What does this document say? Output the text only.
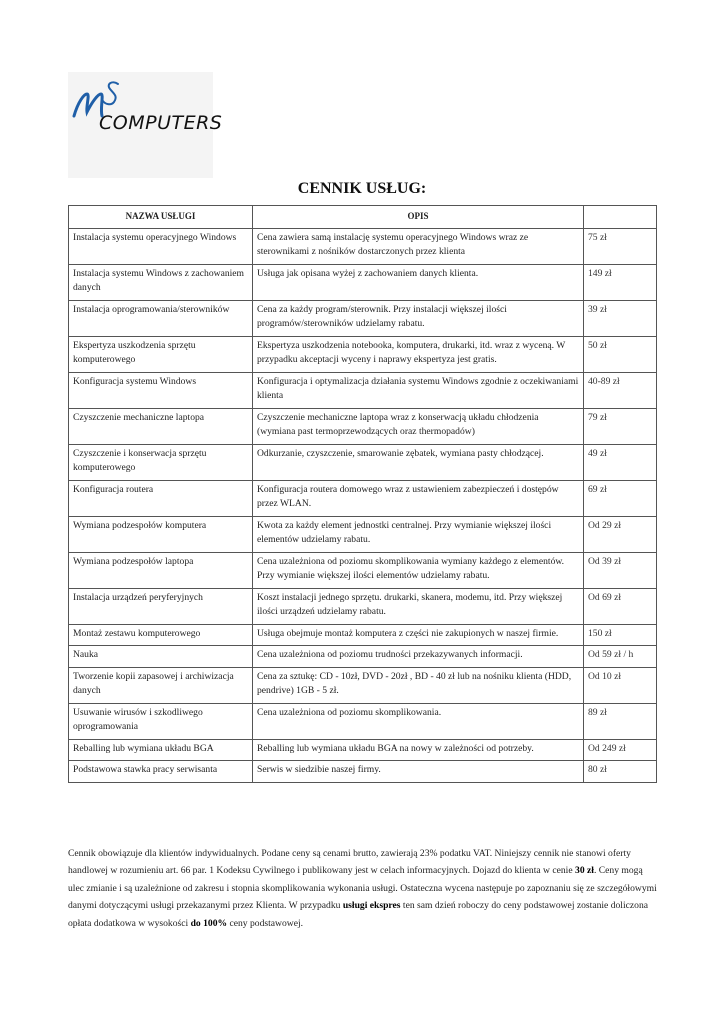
COMPUTERS
CENNIK USŁUG:
NAZWA USŁUGI	OPIS	
Instalacja systemu operacyjnego Windows	Cena zawiera samą instalację systemu operacyjnego Windows wraz ze sterownikami z nośników dostarczonych przez klienta	75 zł
Instalacja systemu Windows z zachowaniem danych	Usługa jak opisana wyżej z zachowaniem danych klienta.	149 zł
Instalacja oprogramowania/sterowników	Cena za każdy program/sterownik. Przy instalacji większej ilości programów/sterowników udzielamy rabatu.	39 zł
Ekspertyza uszkodzenia sprzętu komputerowego	Ekspertyza uszkodzenia notebooka, komputera, drukarki, itd. wraz z wyceną. W przypadku akceptacji wyceny i naprawy ekspertyza jest gratis.	50 zł
Konfiguracja systemu Windows	Konfiguracja i optymalizacja działania systemu Windows zgodnie z oczekiwaniami klienta	40-89 zł
Czyszczenie mechaniczne laptopa	Czyszczenie mechaniczne laptopa wraz z konserwacją układu chłodzenia (wymiana past termoprzewodzących oraz thermopadów)	79 zł
Czyszczenie i konserwacja sprzętu komputerowego	Odkurzanie, czyszczenie, smarowanie zębatek, wymiana pasty chłodzącej.	49 zł
Konfiguracja routera	Konfiguracja routera domowego wraz z ustawieniem zabezpieczeń i dostępów przez WLAN.	69 zł
Wymiana podzespołów komputera	Kwota za każdy element jednostki centralnej. Przy wymianie większej ilości elementów udzielamy rabatu.	Od 29 zł
Wymiana podzespołów laptopa	Cena uzależniona od poziomu skomplikowania wymiany każdego z elementów. Przy wymianie większej ilości elementów udzielamy rabatu.	Od 39 zł
Instalacja urządzeń peryferyjnych	Koszt instalacji jednego sprzętu. drukarki, skanera, modemu, itd. Przy większej ilości urządzeń udzielamy rabatu.	Od 69 zł
Montaż zestawu komputerowego	Usługa obejmuje montaż komputera z części nie zakupionych w naszej firmie.	150 zł
Nauka	Cena uzależniona od poziomu trudności przekazywanych informacji.	Od 59 zł / h
Tworzenie kopii zapasowej i archiwizacja danych	Cena za sztukę: CD - 10zł, DVD - 20zł , BD - 40 zł lub na nośniku klienta (HDD, pendrive) 1GB - 5 zł.	Od 10 zł
Usuwanie wirusów i szkodliwego oprogramowania	Cena uzależniona od poziomu skomplikowania.	89 zł
Reballing lub wymiana układu BGA	Reballing lub wymiana układu BGA na nowy w zależności od potrzeby.	Od 249 zł
Podstawowa stawka pracy serwisanta	Serwis w siedzibie naszej firmy.	80 zł
Cennik obowiązuje dla klientów indywidualnych. Podane ceny są cenami brutto, zawierają 23% podatku VAT. Niniejszy cennik nie stanowi oferty handlowej w rozumieniu art. 66 par. 1 Kodeksu Cywilnego i publikowany jest w celach informacyjnych. Dojazd do klienta w cenie 30 zł. Ceny mogą ulec zmianie i są uzależnione od zakresu i stopnia skomplikowania wykonania usługi. Ostateczna wycena następuje po zapoznaniu się ze szczegółowymi danymi dotyczącymi usługi przekazanymi przez Klienta. W przypadku usługi ekspres ten sam dzień roboczy do ceny podstawowej zostanie doliczona opłata dodatkowa w wysokości do 100% ceny podstawowej.
